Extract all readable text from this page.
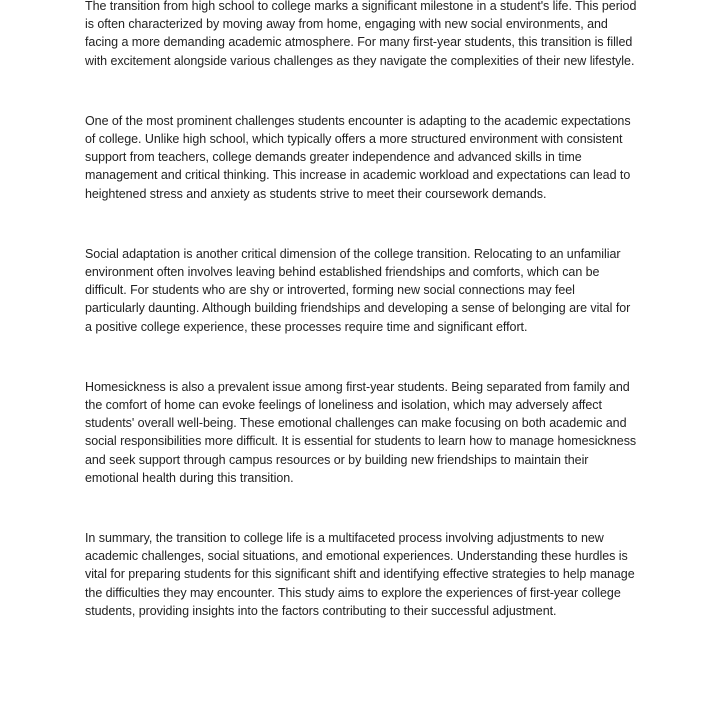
The transition from high school to college marks a significant milestone in a student's life. This period is often characterized by moving away from home, engaging with new social environments, and facing a more demanding academic atmosphere. For many first-year students, this transition is filled with excitement alongside various challenges as they navigate the complexities of their new lifestyle.

One of the most prominent challenges students encounter is adapting to the academic expectations of college. Unlike high school, which typically offers a more structured environment with consistent support from teachers, college demands greater independence and advanced skills in time management and critical thinking. This increase in academic workload and expectations can lead to heightened stress and anxiety as students strive to meet their coursework demands.

Social adaptation is another critical dimension of the college transition. Relocating to an unfamiliar environment often involves leaving behind established friendships and comforts, which can be difficult. For students who are shy or introverted, forming new social connections may feel particularly daunting. Although building friendships and developing a sense of belonging are vital for a positive college experience, these processes require time and significant effort.

Homesickness is also a prevalent issue among first-year students. Being separated from family and the comfort of home can evoke feelings of loneliness and isolation, which may adversely affect students' overall well-being. These emotional challenges can make focusing on both academic and social responsibilities more difficult. It is essential for students to learn how to manage homesickness and seek support through campus resources or by building new friendships to maintain their emotional health during this transition.

In summary, the transition to college life is a multifaceted process involving adjustments to new academic challenges, social situations, and emotional experiences. Understanding these hurdles is vital for preparing students for this significant shift and identifying effective strategies to help manage the difficulties they may encounter. This study aims to explore the experiences of first-year college students, providing insights into the factors contributing to their successful adjustment.
